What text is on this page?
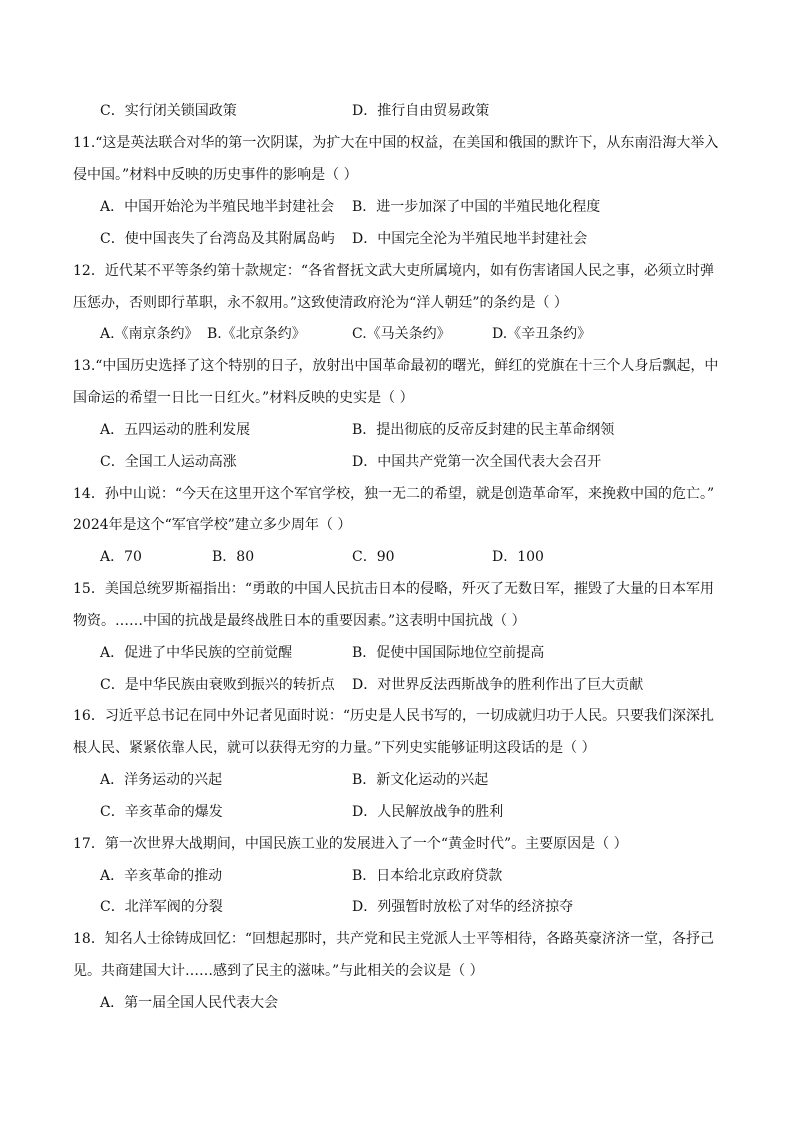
C．实行闭关锁国政策	D．推行自由贸易政策
11.“这是英法联合对华的第一次阴谋，为扩大在中国的权益，在美国和俄国的默许下，从东南沿海大举入
侵中国。”材料中反映的历史事件的影响是（ ）
A．中国开始沦为半殖民地半封建社会 B．进一步加深了中国的半殖民地化程度
C．使中国丧失了台湾岛及其附属岛屿 D．中国完全沦为半殖民地半封建社会
12．近代某不平等条约第十款规定：“各省督抚文武大吏所属境内，如有伤害诸国人民之事，必须立时弹
压惩办，否则即行革职，永不叙用。”这致使清政府沦为“洋人朝廷”的条约是（ ）
A.《南京条约》 B.《北京条约》	C.《马关条约》	D.《辛丑条约》
13.“中国历史选择了这个特别的日子，放射出中国革命最初的曙光，鲜红的党旗在十三个人身后飘起，中
国命运的希望一日比一日红火。”材料反映的史实是（ ）
A．五四运动的胜利发展	B．提出彻底的反帝反封建的民主革命纲领
C．全国工人运动高涨	D．中国共产党第一次全国代表大会召开
14．孙中山说：“今天在这里开这个军官学校，独一无二的希望，就是创造革命军，来挽救中国的危亡。”
2024年是这个“军官学校”建立多少周年（ ）
A．70	B．80	C．90	D．100
15．美国总统罗斯福指出：“勇敢的中国人民抗击日本的侵略，歼灭了无数日军，摧毁了大量的日本军用
物资。……中国的抗战是最终战胜日本的重要因素。”这表明中国抗战（ ）
A．促进了中华民族的空前觉醒	B．促使中国国际地位空前提高
C．是中华民族由衰败到振兴的转折点 D．对世界反法西斯战争的胜利作出了巨大贡献
16．习近平总书记在同中外记者见面时说：“历史是人民书写的，一切成就归功于人民。只要我们深深扎
根人民、紧紧依靠人民，就可以获得无穷的力量。”下列史实能够证明这段话的是（ ）
A．洋务运动的兴起	B．新文化运动的兴起
C．辛亥革命的爆发	D．人民解放战争的胜利
17．第一次世界大战期间，中国民族工业的发展进入了一个“黄金时代”。主要原因是（ ）
A．辛亥革命的推动	B．日本给北京政府贷款
C．北洋军阀的分裂	D．列强暂时放松了对华的经济掠夺
18．知名人士徐铸成回忆：“回想起那时，共产党和民主党派人士平等相待，各路英豪济济一堂，各抒己
见。共商建国大计……感到了民主的滋味。”与此相关的会议是（ ）
A．第一届全国人民代表大会
